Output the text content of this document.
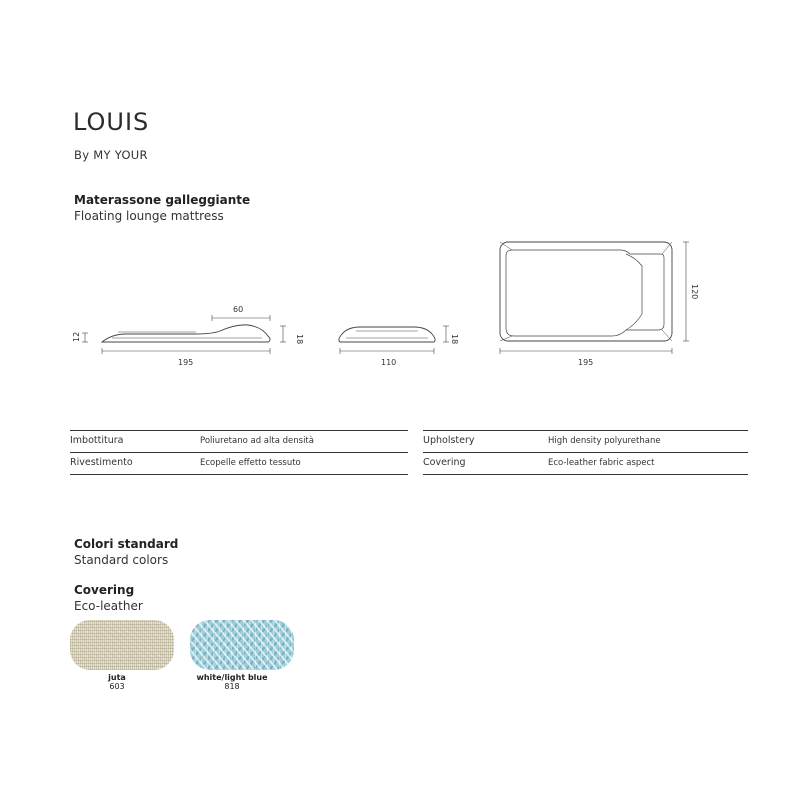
LOUIS
By MY YOUR
Materassone galleggiante
Floating lounge mattress
60
195
12	18
110
18
195
120
Imbottitura	Poliuretano ad alta densità
Rivestimento	Ecopelle effetto tessuto
Upholstery	High density polyurethane
Covering	Eco-leather fabric aspect
Colori standard
Standard colors
Covering
Eco-leather
juta
603
white/light blue
818
